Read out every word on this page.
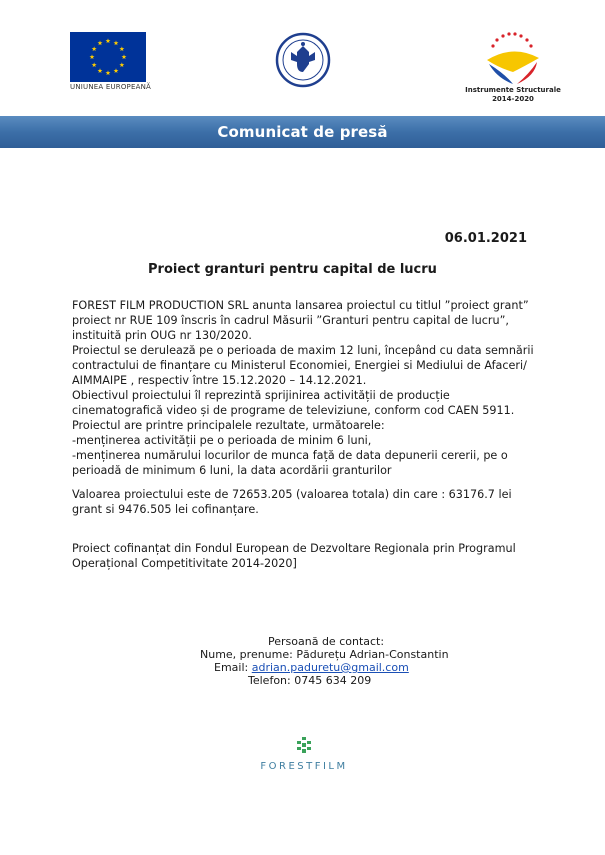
UNIUNEA EUROPEANĂ	Instrumente Structurale
2014-2020
Comunicat de presă
06.01.2021
Proiect granturi pentru capital de lucru
FOREST FILM PRODUCTION SRL anunta lansarea proiectul cu titlul ”proiect grant”
proiect nr RUE 109 înscris în cadrul Măsurii ”Granturi pentru capital de lucru”,
instituită prin OUG nr 130/2020.
Proiectul se derulează pe o perioada de maxim 12 luni, începând cu data semnării
contractului de finanțare cu Ministerul Economiei, Energiei si Mediului de Afaceri/
AIMMAIPE , respectiv între 15.12.2020 – 14.12.2021.
Obiectivul proiectului îl reprezintă sprijinirea activității de producție
cinematografică video și de programe de televiziune, conform cod CAEN 5911.
Proiectul are printre principalele rezultate, următoarele:
-menținerea activității pe o perioada de minim 6 luni,
-menținerea numărului locurilor de munca față de data depunerii cererii, pe o
perioadă de minimum 6 luni, la data acordării granturilor
Valoarea proiectului este de 72653.205 (valoarea totala) din care : 63176.7 lei
grant si 9476.505 lei cofinanțare.
Proiect cofinanțat din Fondul European de Dezvoltare Regionala prin Programul
Operațional Competitivitate 2014-2020]
Persoană de contact:
Nume, prenume: Pădurețu Adrian-Constantin
Email: adrian.paduretu@gmail.com
Telefon: 0745 634 209
FORESTFILM
